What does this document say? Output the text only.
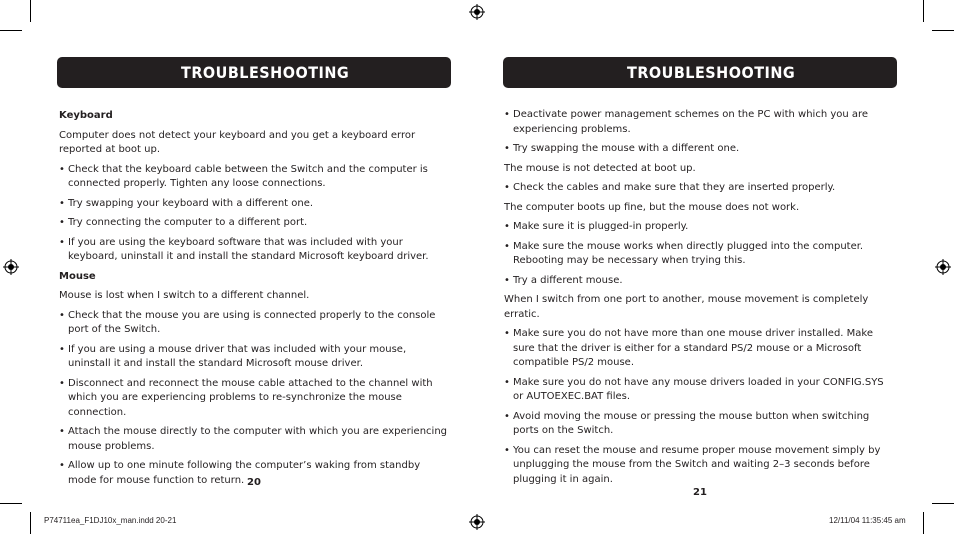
TROUBLESHOOTING

Keyboard

Computer does not detect your keyboard and you get a keyboard error reported at boot up.

• Check that the keyboard cable between the Switch and the computer is connected properly. Tighten any loose connections.

• Try swapping your keyboard with a different one.

• Try connecting the computer to a different port.

• If you are using the keyboard software that was included with your keyboard, uninstall it and install the standard Microsoft keyboard driver.

Mouse

Mouse is lost when I switch to a different channel.

• Check that the mouse you are using is connected properly to the console port of the Switch.

• If you are using a mouse driver that was included with your mouse, uninstall it and install the standard Microsoft mouse driver.

• Disconnect and reconnect the mouse cable attached to the channel with which you are experiencing problems to re-synchronize the mouse connection.

• Attach the mouse directly to the computer with which you are experiencing mouse problems.

• Allow up to one minute following the computer’s waking from standby mode for mouse function to return. 20
TROUBLESHOOTING

• Deactivate power management schemes on the PC with which you are experiencing problems.

• Try swapping the mouse with a different one.

The mouse is not detected at boot up.

• Check the cables and make sure that they are inserted properly.

The computer boots up fine, but the mouse does not work.

• Make sure it is plugged-in properly.

• Make sure the mouse works when directly plugged into the computer. Rebooting may be necessary when trying this.

• Try a different mouse.

When I switch from one port to another, mouse movement is completely erratic.

• Make sure you do not have more than one mouse driver installed. Make sure that the driver is either for a standard PS/2 mouse or a Microsoft compatible PS/2 mouse.

• Make sure you do not have any mouse drivers loaded in your CONFIG.SYS or AUTOEXEC.BAT files.

• Avoid moving the mouse or pressing the mouse button when switching ports on the Switch.

• You can reset the mouse and resume proper mouse movement simply by unplugging the mouse from the Switch and waiting 2–3 seconds before plugging it in again.

21
P74711ea_F1DJ10x_man.indd 20-21	12/11/04 11:35:45 am
